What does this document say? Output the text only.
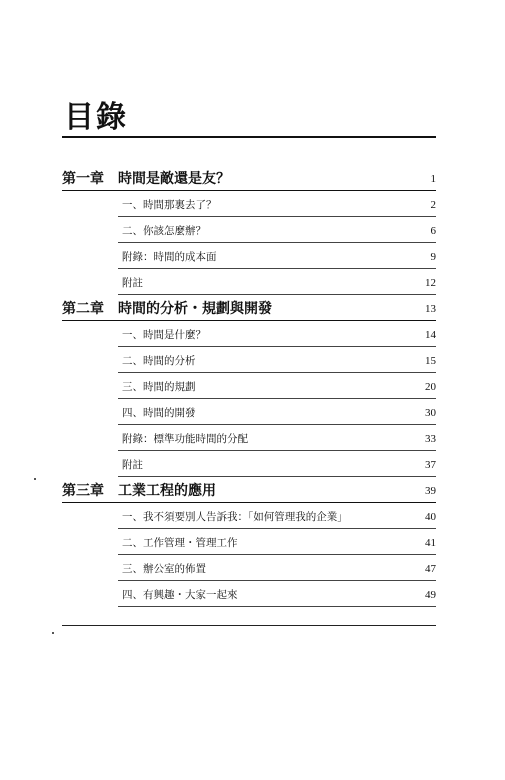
目錄
第一章 時間是敵還是友？	1
一、時間那裏去了？	2
二、你該怎麼辦？	6
附錄：時間的成本面	9
附註	12
第二章 時間的分析・規劃與開發	13
一、時間是什麼？	14
二、時間的分析	15
三、時間的規劃	20
四、時間的開發	30
附錄：標準功能時間的分配	33
附註	37
第三章 工業工程的應用	39
一、我不須要別人告訴我：「如何管理我的企業」	40
二、工作管理・管理工作	41
三、辦公室的佈置	47
四、有興趣・大家一起來	49
